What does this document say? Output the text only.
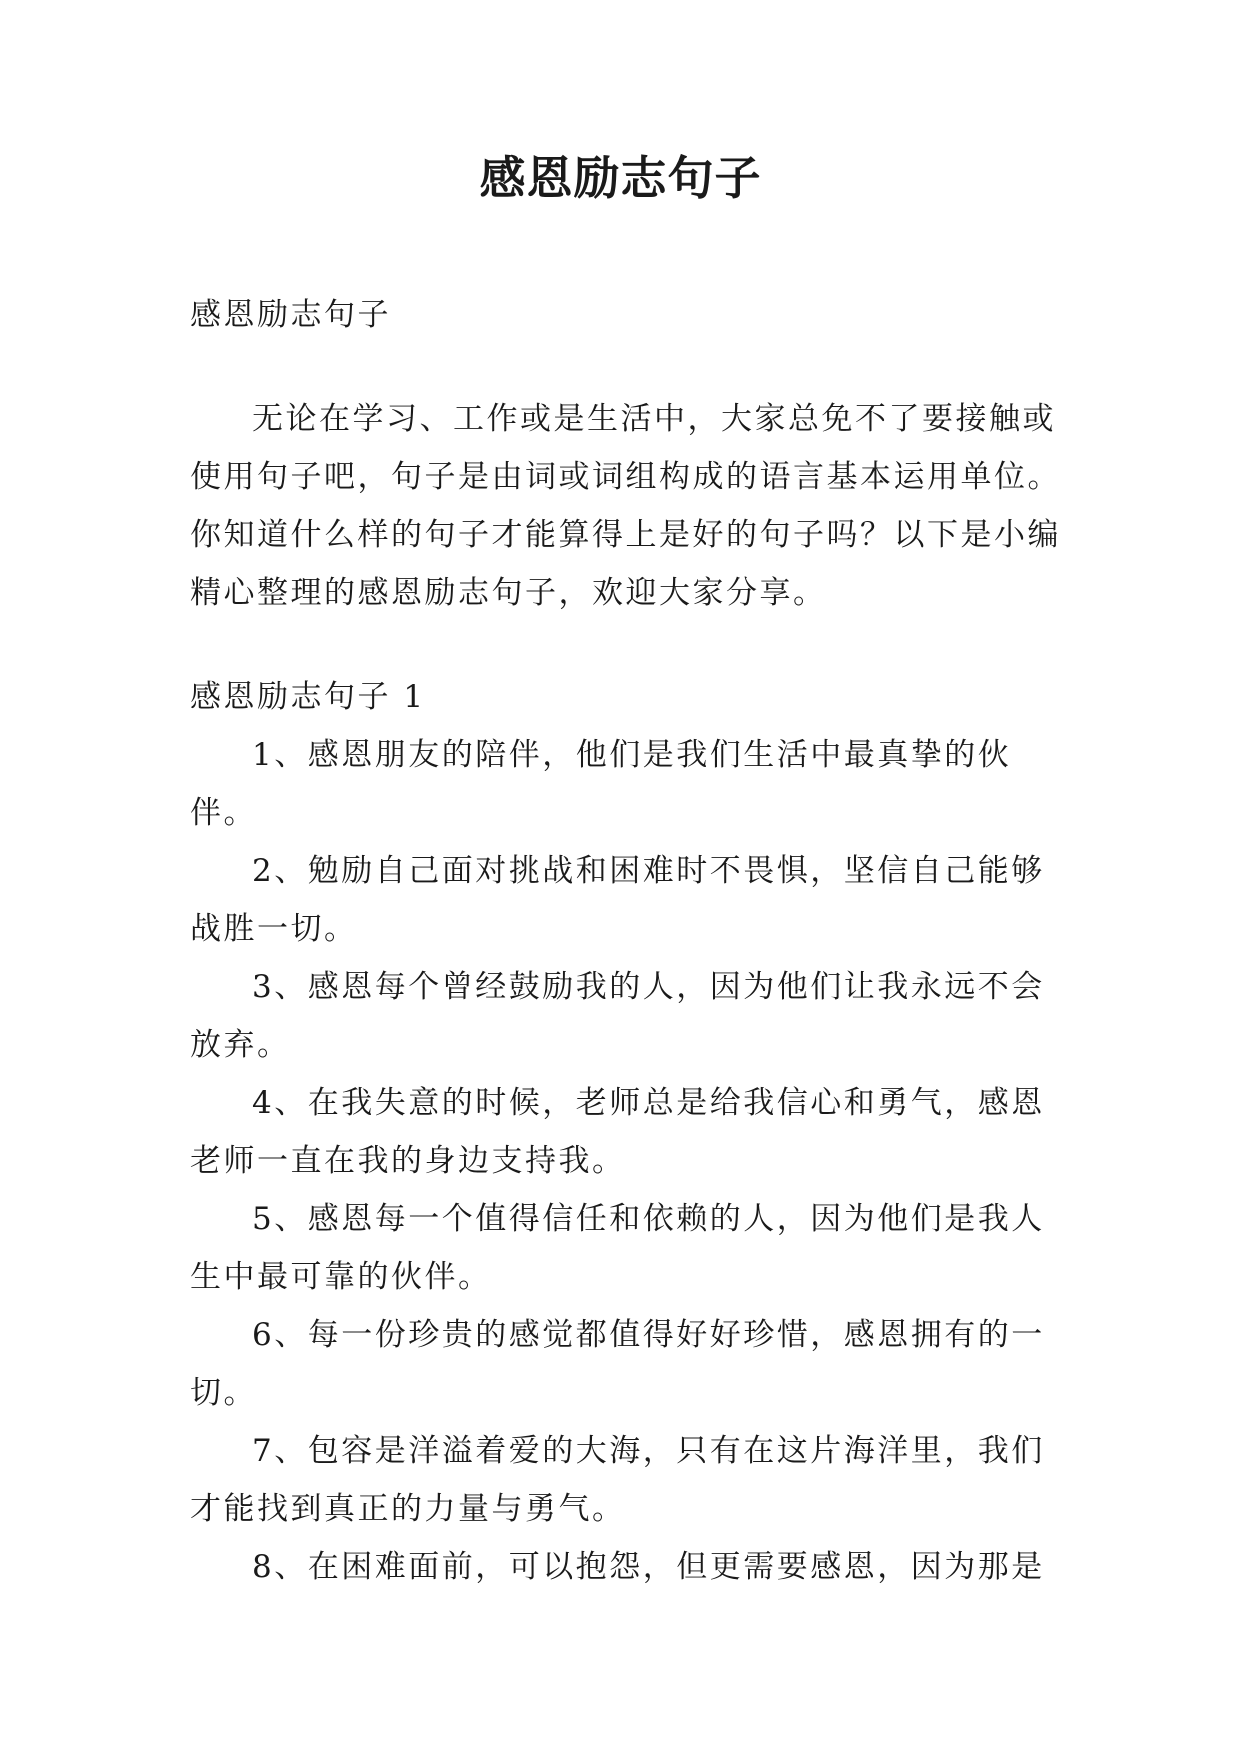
感恩励志句子

感恩励志句子

无论在学习、工作或是生活中，大家总免不了要接触或使用句子吧，句子是由词或词组构成的语言基本运用单位。你知道什么样的句子才能算得上是好的句子吗？以下是小编精心整理的感恩励志句子，欢迎大家分享。

感恩励志句子 1

1、感恩朋友的陪伴，他们是我们生活中最真挚的伙伴。

2、勉励自己面对挑战和困难时不畏惧，坚信自己能够战胜一切。

3、感恩每个曾经鼓励我的人，因为他们让我永远不会放弃。

4、在我失意的时候，老师总是给我信心和勇气，感恩老师一直在我的身边支持我。

5、感恩每一个值得信任和依赖的人，因为他们是我人生中最可靠的伙伴。

6、每一份珍贵的感觉都值得好好珍惜，感恩拥有的一切。

7、包容是洋溢着爱的大海，只有在这片海洋里，我们才能找到真正的力量与勇气。

8、在困难面前，可以抱怨，但更需要感恩，因为那是
